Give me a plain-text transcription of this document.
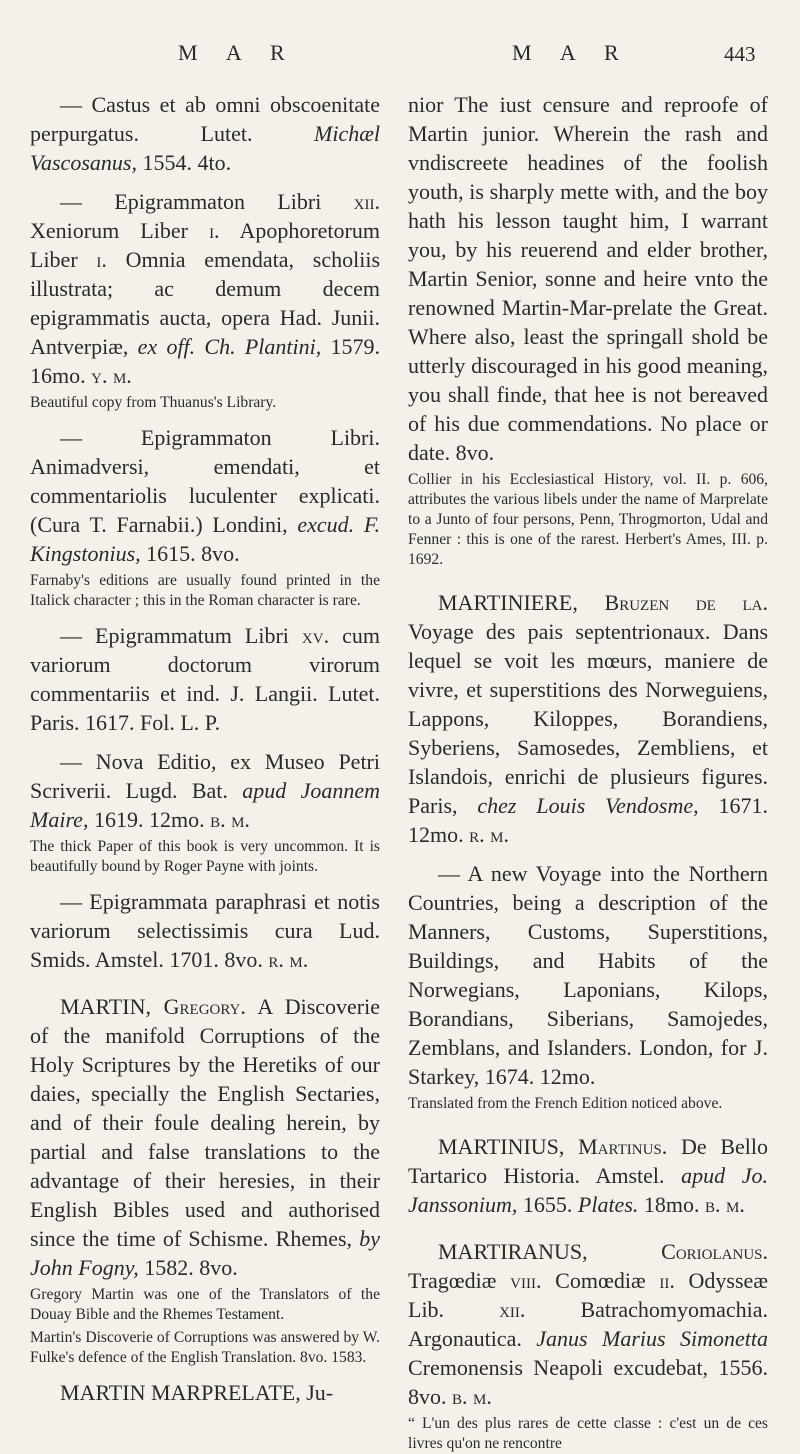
M A R	M A R	443

— Castus et ab omni obscoenitate perpurgatus. Lutet.	Michæl Vascosanus, 1554. 4to.

— Epigrammaton Libri xii. Xeniorum Liber i. Apophoretorum Liber i. Omnia emendata, scholiis illustrata; ac demum decem epigrammatis aucta, opera Had. Junii. Antverpiæ, ex off. Ch. Plantini, 1579. 16mo. y. m.

Beautiful copy from Thuanus's Library.

— Epigrammaton Libri. Animadversi, emendati, et commentariolis luculenter explicati. (Cura T. Farnabii.) Londini, excud. F. Kingstonius, 1615. 8vo.

Farnaby's editions are usually found printed in the Italick character ; this in the Roman character is rare.

— Epigrammatum Libri xv. cum variorum doctorum virorum commentariis et ind. J. Langii. Lutet. Paris. 1617. Fol. L. P.

— Nova Editio, ex Museo Petri Scriverii. Lugd. Bat. apud Joannem Maire, 1619. 12mo. b. m.

The thick Paper of this book is very uncommon. It is beautifully bound by Roger Payne with joints.

— Epigrammata paraphrasi et notis variorum selectissimis cura Lud. Smids. Amstel. 1701. 8vo. r. m.

MARTIN, Gregory. A Discoverie of the manifold Corruptions of the Holy Scriptures by the Heretiks of our daies, specially the English Sectaries, and of their foule dealing herein, by partial and false translations to the advantage of their heresies, in their English Bibles used and authorised since the time of Schisme. Rhemes, by John Fogny, 1582. 8vo.

Gregory Martin was one of the Translators of the Douay Bible and the Rhemes Testament.

Martin's Discoverie of Corruptions was answered by W. Fulke's defence of the English Translation. 8vo. 1583.

MARTIN MARPRELATE, Ju-

nior The iust censure and reproofe of Martin junior. Wherein the rash and vndiscreete headines of the foolish youth, is sharply mette with, and the boy hath his lesson taught him, I warrant you, by his reuerend and elder brother, Martin Senior, sonne and heire vnto the renowned Martin-Mar-prelate the Great. Where also, least the springall shold be utterly discouraged in his good meaning, you shall finde, that hee is not bereaved of his due commendations. No place or date. 8vo.

Collier in his Ecclesiastical History, vol. II. p. 606, attributes the various libels under the name of Marprelate to a Junto of four persons, Penn, Throgmorton, Udal and Fenner : this is one of the rarest. Herbert's Ames, III. p. 1692.

MARTINIERE, Bruzen de la. Voyage des pais septentrionaux. Dans lequel se voit les mœurs, maniere de vivre, et superstitions des Norweguiens, Lappons, Kiloppes, Borandiens, Syberiens, Samosedes, Zembliens, et Islandois, enrichi de plusieurs figures. Paris, chez Louis Vendosme, 1671. 12mo. r. m.

— A new Voyage into the Northern Countries, being a description of the Manners, Customs, Superstitions, Buildings, and Habits of the Norwegians, Laponians, Kilops, Borandians, Siberians, Samojedes, Zemblans, and Islanders. London, for J. Starkey, 1674. 12mo.

Translated from the French Edition noticed above.

MARTINIUS, Martinus. De Bello Tartarico Historia. Amstel. apud Jo. Janssonium, 1655. Plates. 18mo. b. m.

MARTIRANUS,	Coriolanus. Tragœdiæ viii. Comœdiæ ii. Odysseæ Lib.	xii.	Batrachomyomachia. Argonautica. Janus Marius Simonetta Cremonensis Neapoli excudebat, 1556. 8vo. b. m.

“ L'un des plus rares de cette classe : c'est un de ces livres qu'on ne rencontre
